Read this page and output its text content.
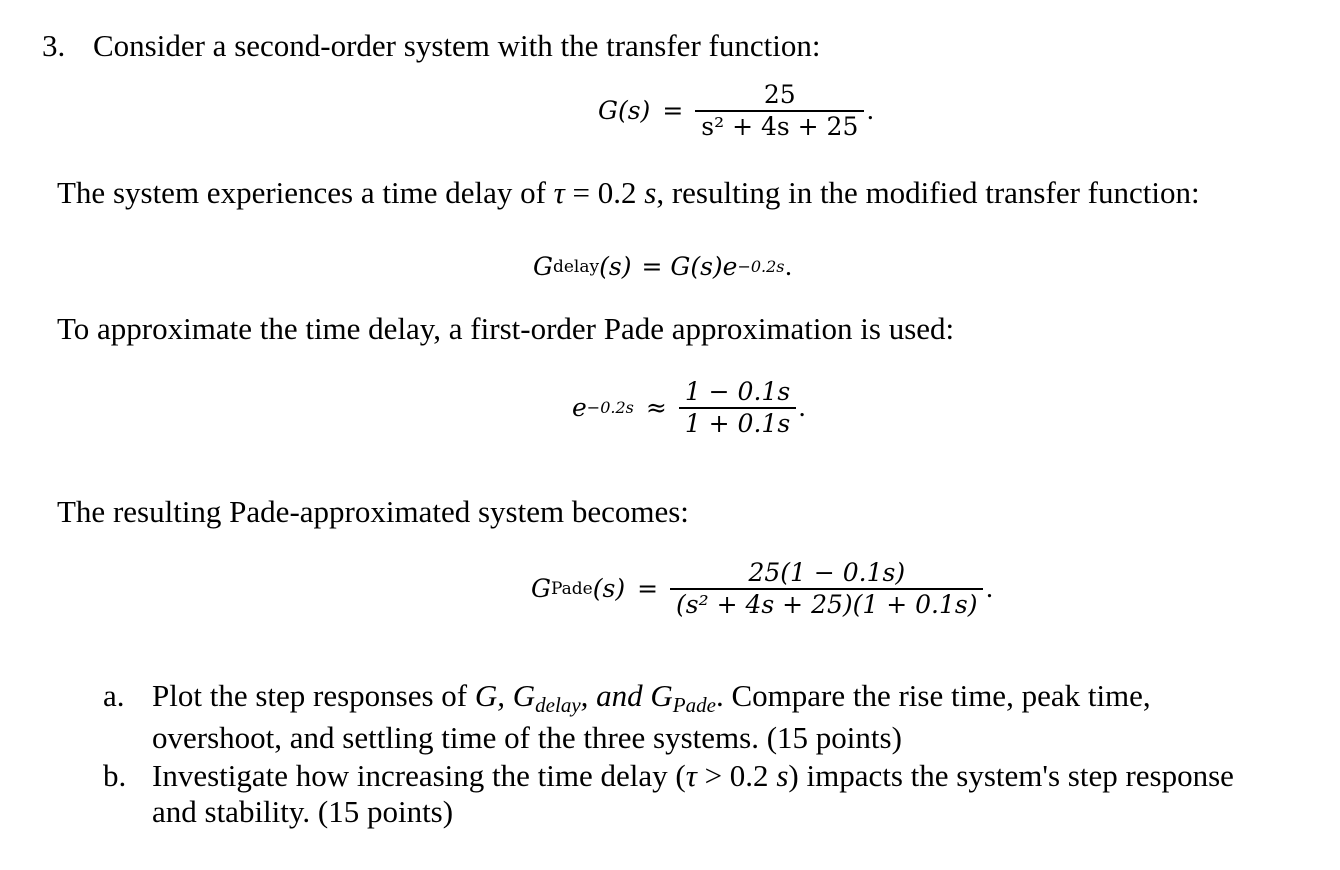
3. Consider a second-order system with the transfer function:
$G(s) = \frac{25}{\text{s² + 4s + 25}}$ .
The system experiences a time delay of τ = 0.2 s, resulting in the modified transfer function:
G delay (s) = G(s)e −0.2s .
To approximate the time delay, a first-order Pade approximation is used:
$e -0.2s \approx \frac{1 - 0.1s}{1 + 0.1s}$ .
The resulting Pade-approximated system becomes:
G Pade $(s) = \frac{25(1 - 0.1s)}{\text{(s² + 4s + 25)(1 + 0.1s)}}$ .
a. Plot the step responses of G, Gdelay, and GPade. Compare the rise time, peak time,
overshoot, and settling time of the three systems. (15 points)
b. Investigate how increasing the time delay (τ > 0.2 s) impacts the system's step response
and stability. (15 points)
